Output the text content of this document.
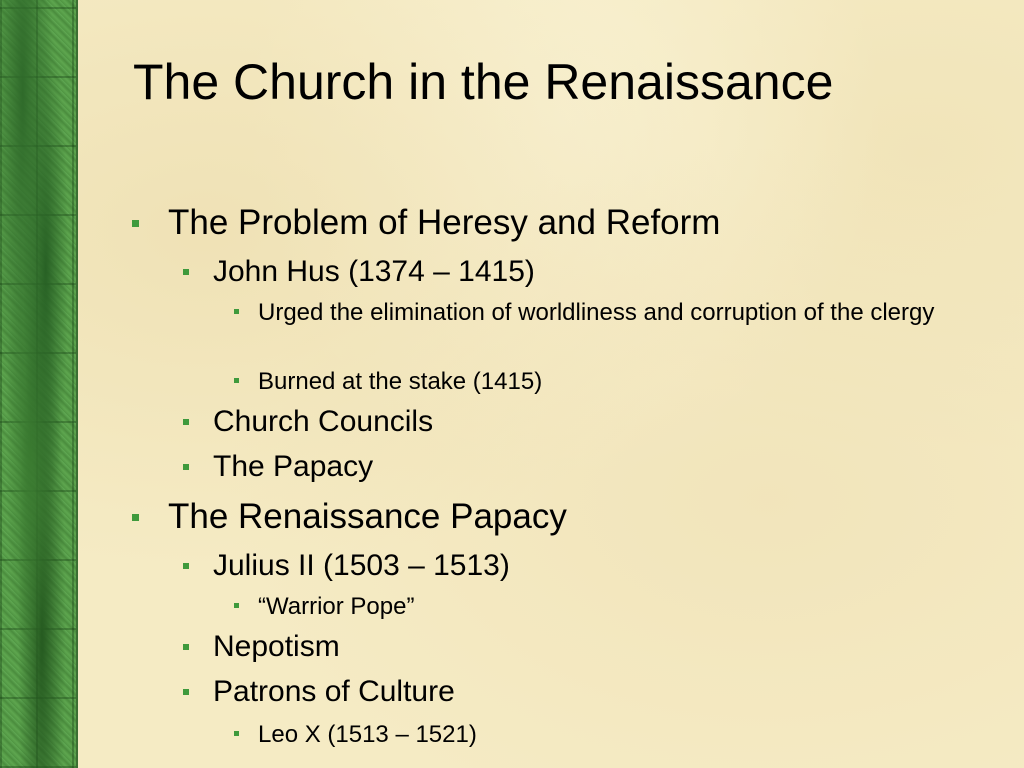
The Church in the Renaissance
The Problem of Heresy and Reform
John Hus (1374 – 1415)
Urged the elimination of worldliness and corruption of the clergy
Burned at the stake (1415)
Church Councils
The Papacy
The Renaissance Papacy
Julius II (1503 – 1513)
“Warrior Pope”
Nepotism
Patrons of Culture
Leo X (1513 – 1521)
